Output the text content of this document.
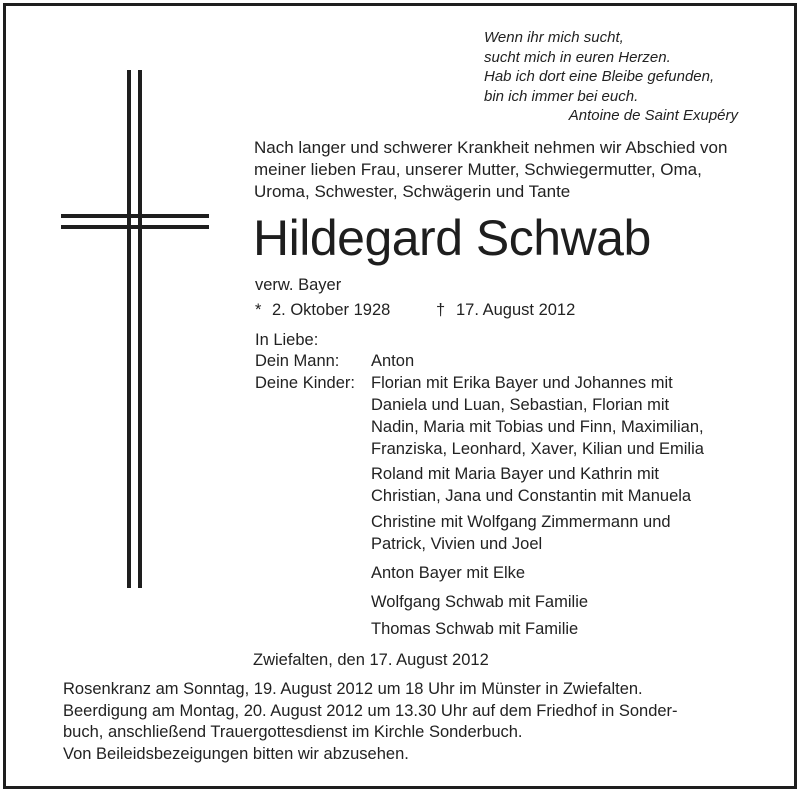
Wenn ihr mich sucht,
sucht mich in euren Herzen.
Hab ich dort eine Bleibe gefunden,
bin ich immer bei euch.
Antoine de Saint Exupéry
Nach langer und schwerer Krankheit nehmen wir Abschied von
meiner lieben Frau, unserer Mutter, Schwiegermutter, Oma,
Uroma, Schwester, Schwägerin und Tante
Hildegard Schwab
verw. Bayer
* 2. Oktober 1928	† 17. August 2012
In Liebe:
Dein Mann: Anton
Deine Kinder: Florian mit Erika Bayer und Johannes mit
Daniela und Luan, Sebastian, Florian mit
Nadin, Maria mit Tobias und Finn, Maximilian,
Franziska, Leonhard, Xaver, Kilian und Emilia
Roland mit Maria Bayer und Kathrin mit
Christian, Jana und Constantin mit Manuela
Christine mit Wolfgang Zimmermann und
Patrick, Vivien und Joel
Anton Bayer mit Elke
Wolfgang Schwab mit Familie
Thomas Schwab mit Familie
Zwiefalten, den 17. August 2012
Rosenkranz am Sonntag, 19. August 2012 um 18 Uhr im Münster in Zwiefalten.
Beerdigung am Montag, 20. August 2012 um 13.30 Uhr auf dem Friedhof in Sonder-
buch, anschließend Trauergottesdienst im Kirchle Sonderbuch.
Von Beileidsbezeigungen bitten wir abzusehen.
